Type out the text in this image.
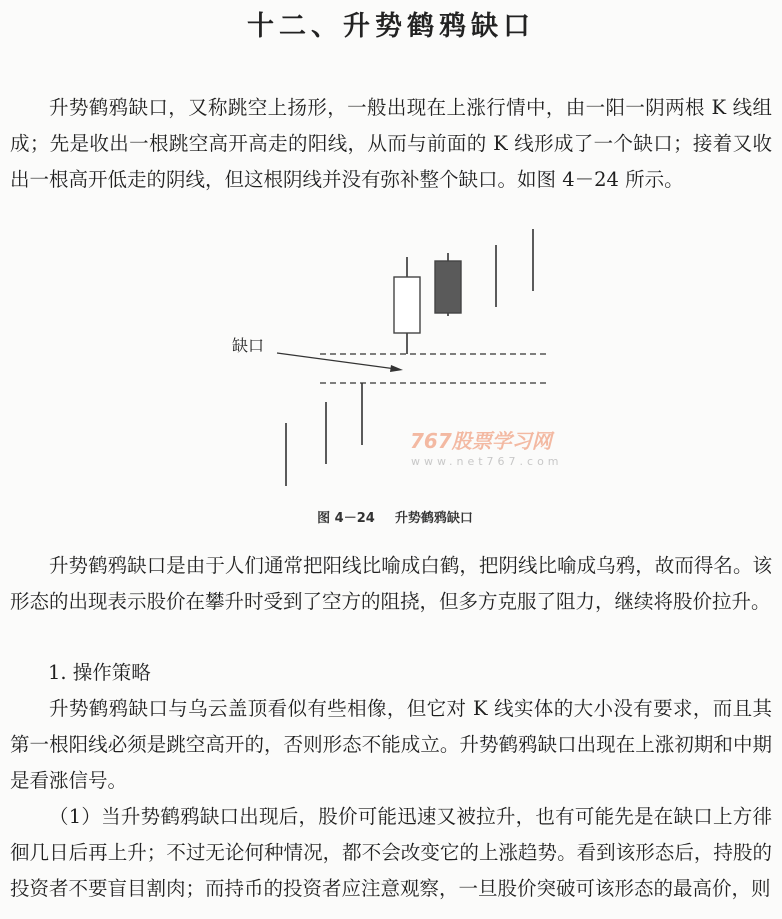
十二、升势鹤鸦缺口
升势鹤鸦缺口，又称跳空上扬形，一般出现在上涨行情中，由一阳一阴两根 K 线组成；先是收出一根跳空高开高走的阳线，从而与前面的 K 线形成了一个缺口；接着又收出一根高开低走的阴线，但这根阴线并没有弥补整个缺口。如图 4－24 所示。
缺口
767股票学习网
www.net767.com
图 4－24 升势鹤鸦缺口
升势鹤鸦缺口是由于人们通常把阳线比喻成白鹤，把阴线比喻成乌鸦，故而得名。该形态的出现表示股价在攀升时受到了空方的阻挠，但多方克服了阻力，继续将股价拉升。
1. 操作策略
升势鹤鸦缺口与乌云盖顶看似有些相像，但它对 K 线实体的大小没有要求，而且其第一根阳线必须是跳空高开的，否则形态不能成立。升势鹤鸦缺口出现在上涨初期和中期是看涨信号。
（1）当升势鹤鸦缺口出现后，股价可能迅速又被拉升，也有可能先是在缺口上方徘徊几日后再上升；不过无论何种情况，都不会改变它的上涨趋势。看到该形态后，持股的投资者不要盲目割肉；而持币的投资者应注意观察，一旦股价突破可该形态的最高价，则
